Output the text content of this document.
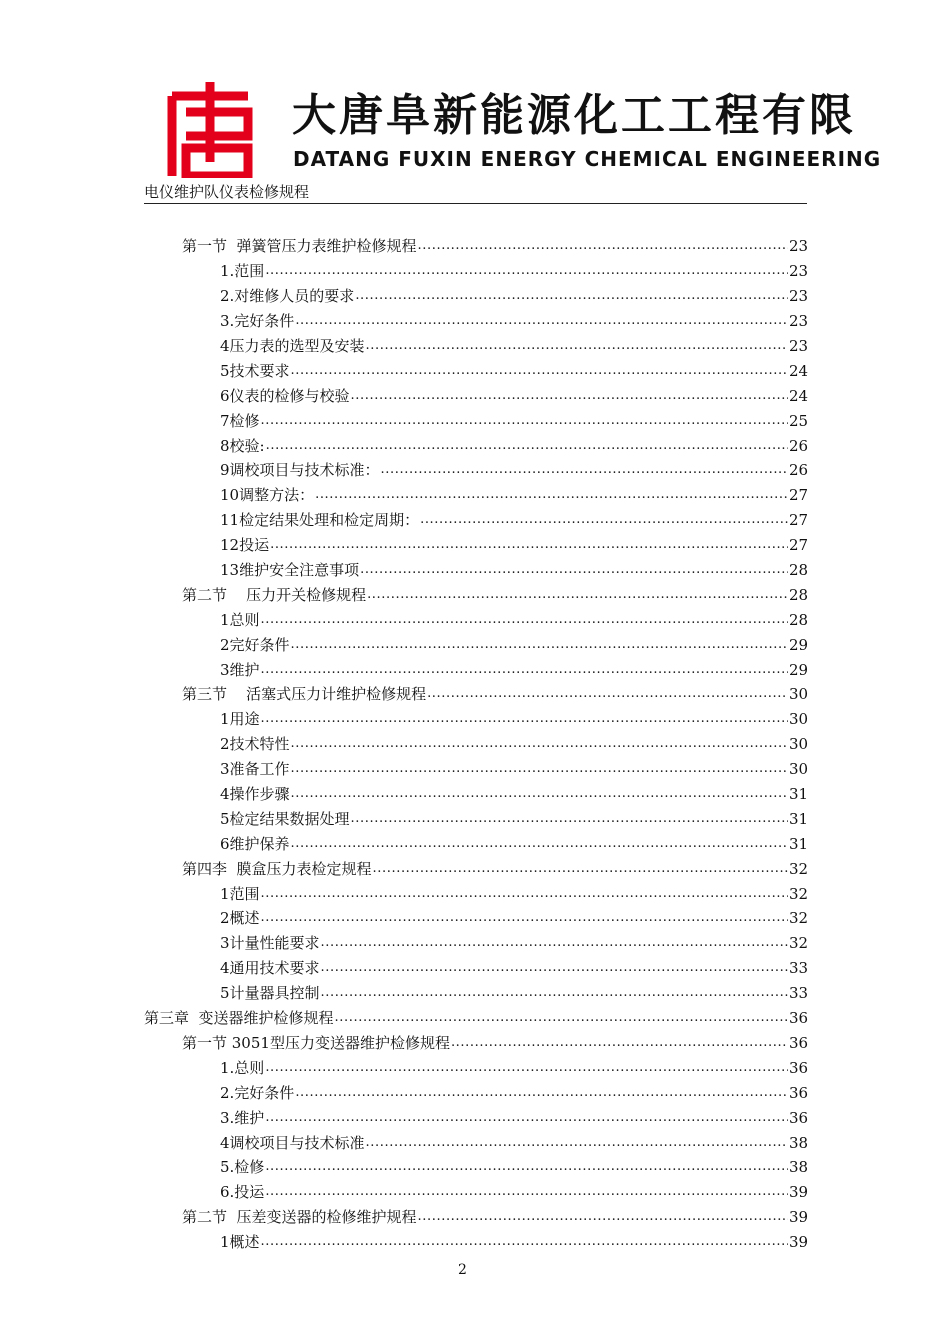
大唐阜新能源化工工程有限
DATANG FUXIN ENERGY CHEMICAL ENGINEERING
电仪维护队仪表检修规程
第一节  弹簧管压力表维护检修规程 .....	23
1.范围 .....	23
2.对维修人员的要求 .....	23
3.完好条件 .....	23
4压力表的选型及安装 .....	23
5技术要求 .....	24
6仪表的检修与校验 .....	24
7检修 .....	25
8校验: .....	26
9调校项目与技术标准： .....	26
10调整方法： .....	27
11检定结果处理和检定周期： .....	27
12投运 .....	27
13维护安全注意事项 .....	28
第二节    压力开关检修规程 .....	28
1总则 .....	28
2完好条件 .....	29
3维护 .....	29
第三节    活塞式压力计维护检修规程 .....	30
1用途 .....	30
2技术特性 .....	30
3准备工作 .....	30
4操作步骤 .....	31
5检定结果数据处理 .....	31
6维护保养 .....	31
第四李  膜盒压力表检定规程 .....	32
1范围 .....	32
2概述 .....	32
3计量性能要求 .....	32
4通用技术要求 .....	33
5计量器具控制 .....	33
第三章  变送器维护检修规程 .....	36
第一节 3051型压力变送器维护检修规程 .....	36
1.总则 .....	36
2.完好条件 .....	36
3.维护 .....	36
4调校项目与技术标准 .....	38
5.检修 .....	38
6.投运 .....	39
第二节  压差变送器的检修维护规程 .....	39
1概述 .....	39
2
